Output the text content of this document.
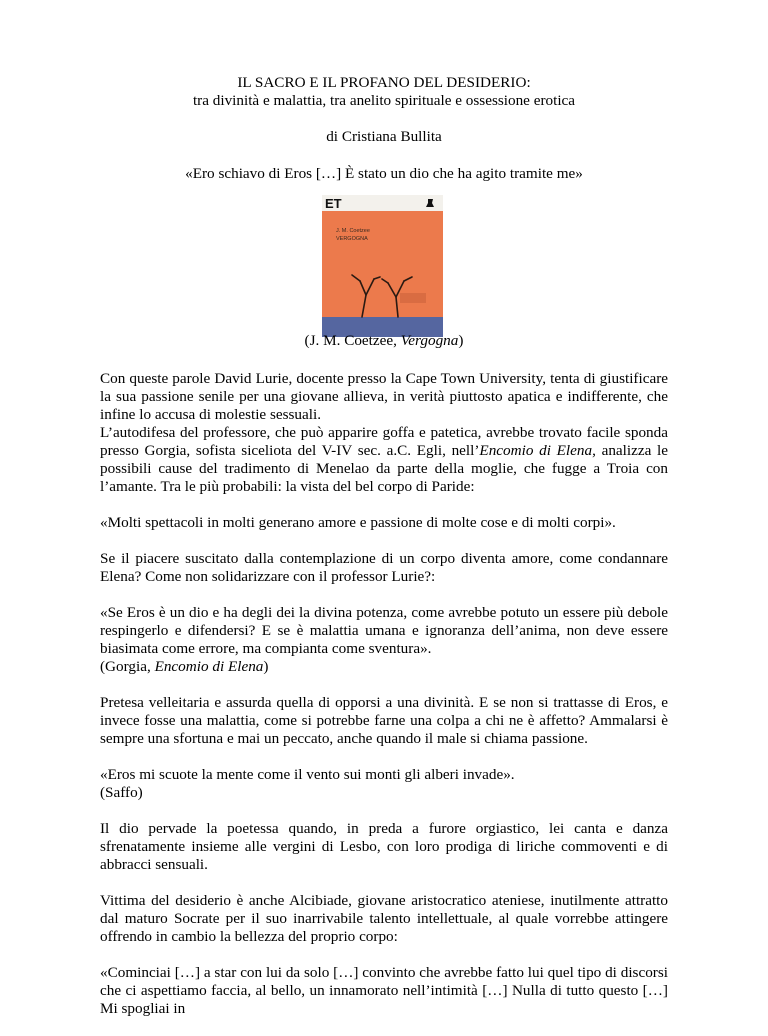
IL SACRO E IL PROFANO DEL DESIDERIO:
tra divinità e malattia, tra anelito spirituale e ossessione erotica
di Cristiana Bullita
«Ero schiavo di Eros […] È stato un dio che ha agito tramite me»
ET
J. M. Coetzee
VERGOGNA
(J. M. Coetzee, Vergogna)

Con queste parole David Lurie, docente presso la Cape Town University, tenta di giustificare la sua passione senile per una giovane allieva, in verità piuttosto apatica e indifferente, che infine lo accusa di molestie sessuali.

L’autodifesa del professore, che può apparire goffa e patetica, avrebbe trovato facile sponda presso Gorgia, sofista siceliota del V-IV sec. a.C. Egli, nell’Encomio di Elena, analizza le possibili cause del tradimento di Menelao da parte della moglie, che fugge a Troia con l’amante. Tra le più probabili: la vista del bel corpo di Paride:

«Molti spettacoli in molti generano amore e passione di molte cose e di molti corpi».

Se il piacere suscitato dalla contemplazione di un corpo diventa amore, come condannare Elena? Come non solidarizzare con il professor Lurie?:

«Se Eros è un dio e ha degli dei la divina potenza, come avrebbe potuto un essere più debole respingerlo e difendersi? E se è malattia umana e ignoranza dell’anima, non deve essere biasimata come errore, ma compianta come sventura».
(Gorgia, Encomio di Elena)

Pretesa velleitaria e assurda quella di opporsi a una divinità. E se non si trattasse di Eros, e invece fosse una malattia, come si potrebbe farne una colpa a chi ne è affetto? Ammalarsi è sempre una sfortuna e mai un peccato, anche quando il male si chiama passione.

«Eros mi scuote la mente come il vento sui monti gli alberi invade».
(Saffo)

Il dio pervade la poetessa quando, in preda a furore orgiastico, lei canta e danza sfrenatamente insieme alle vergini di Lesbo, con loro prodiga di liriche commoventi e di abbracci sensuali.

Vittima del desiderio è anche Alcibiade, giovane aristocratico ateniese, inutilmente attratto dal maturo Socrate per il suo inarrivabile talento intellettuale, al quale vorrebbe attingere offrendo in cambio la bellezza del proprio corpo:

«Cominciai […] a star con lui da solo […] convinto che avrebbe fatto lui quel tipo di discorsi che ci aspettiamo faccia, al bello, un innamorato nell’intimità […] Nulla di tutto questo […] Mi spogliai in
